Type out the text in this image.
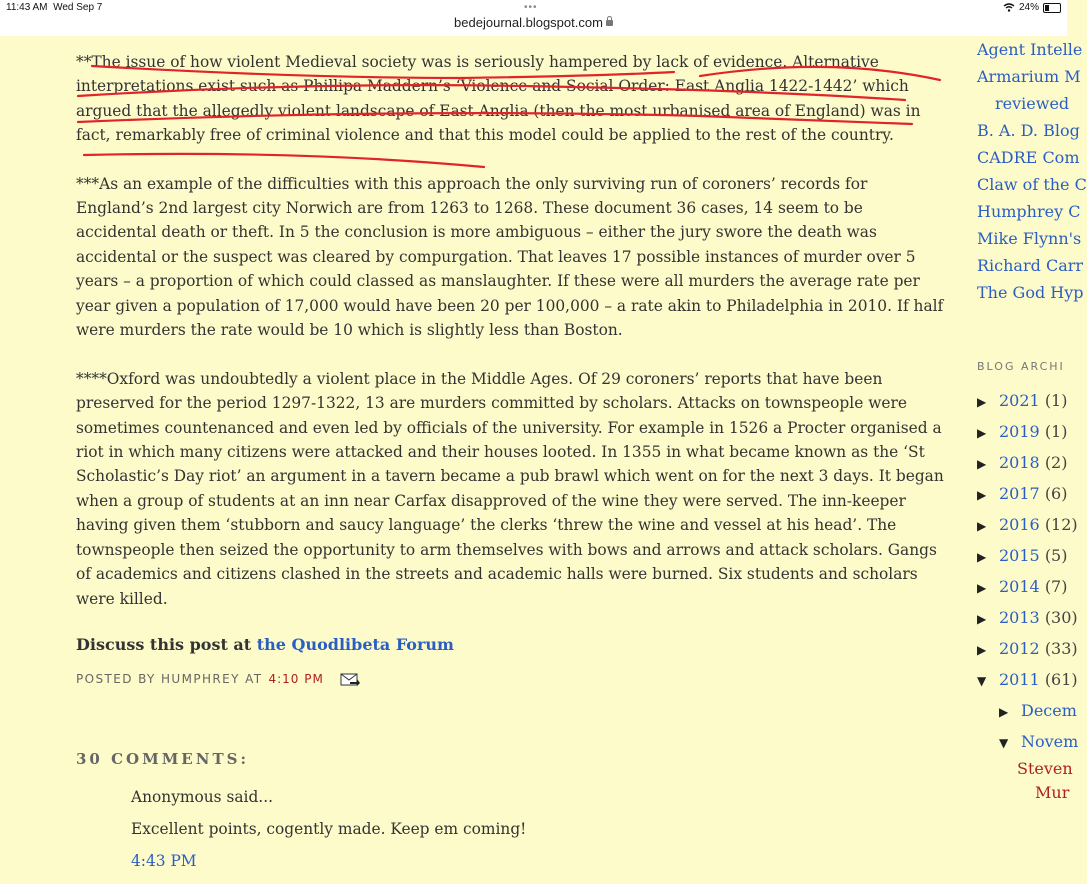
11:43 AM Wed Sep 7	•••	24%
bedejournal.blogspot.com

**The issue of how violent Medieval society was is seriously hampered by lack of evidence. Alternative interpretations exist such as Phillipa Maddern’s ‘Violence and Social Order: East Anglia 1422-1442’ which argued that the allegedly violent landscape of East Anglia (then the most urbanised area of England) was in fact, remarkably free of criminal violence and that this model could be applied to the rest of the country.

***As an example of the difficulties with this approach the only surviving run of coroners’ records for England’s 2nd largest city Norwich are from 1263 to 1268. These document 36 cases, 14 seem to be accidental death or theft. In 5 the conclusion is more ambiguous – either the jury swore the death was accidental or the suspect was cleared by compurgation. That leaves 17 possible instances of murder over 5 years – a proportion of which could classed as manslaughter. If these were all murders the average rate per year given a population of 17,000 would have been 20 per 100,000 – a rate akin to Philadelphia in 2010. If half were murders the rate would be 10 which is slightly less than Boston.

****Oxford was undoubtedly a violent place in the Middle Ages. Of 29 coroners’ reports that have been preserved for the period 1297-1322, 13 are murders committed by scholars. Attacks on townspeople were sometimes countenanced and even led by officials of the university. For example in 1526 a Procter organised a riot in which many citizens were attacked and their houses looted. In 1355 in what became known as the ‘St Scholastic’s Day riot’ an argument in a tavern became a pub brawl which went on for the next 3 days. It began when a group of students at an inn near Carfax disapproved of the wine they were served. The inn-keeper having given them ‘stubborn and saucy language’ the clerks ‘threw the wine and vessel at his head’. The townspeople then seized the opportunity to arm themselves with bows and arrows and attack scholars. Gangs of academics and citizens clashed in the streets and academic halls were burned. Six students and scholars were killed.

Discuss this post at the Quodlibeta Forum
POSTED BY HUMPHREY AT 4:10 PM
30 COMMENTS:
Anonymous said...
Excellent points, cogently made. Keep em coming!
4:43 PM
Agent Intelle
Armarium M
reviewed
B. A. D. Blog
CADRE Com
Claw of the C
Humphrey C
Mike Flynn's
Richard Carr
The God Hyp
BLOG ARCHI
▶ 2021 (1)
▶ 2019 (1)
▶ 2018 (2)
▶ 2017 (6)
▶ 2016 (12)
▶ 2015 (5)
▶ 2014 (7)
▶ 2013 (30)
▶ 2012 (33)
▼ 2011 (61)
▶ Decem
▼ Novem
Steven
Mur
